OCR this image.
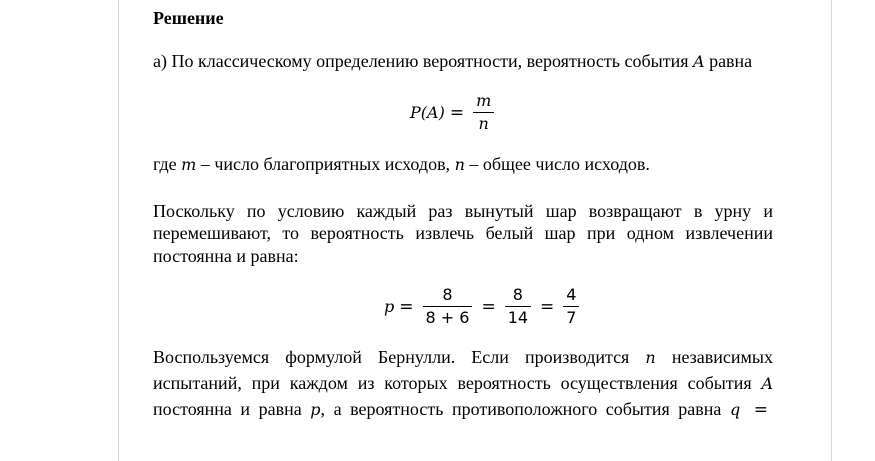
Решение
а) По классическому определению вероятности, вероятность события A равна
$P(A) = \frac{m}{n}$
где m – число благоприятных исходов, n – общее число исходов.
Поскольку по условию каждый раз вынутый шар возвращают в урну и
перемешивают, то вероятность извлечь белый шар при одном извлечении
постоянна и равна:
$p = \frac{8}{8 + 6} = \frac{8}{14} = \frac{4}{7}$
Воспользуемся формулой Бернулли. Если производится n независимых
испытаний, при каждом из которых вероятность осуществления события A
постоянна и равна p, а вероятность противоположного события равна q =
